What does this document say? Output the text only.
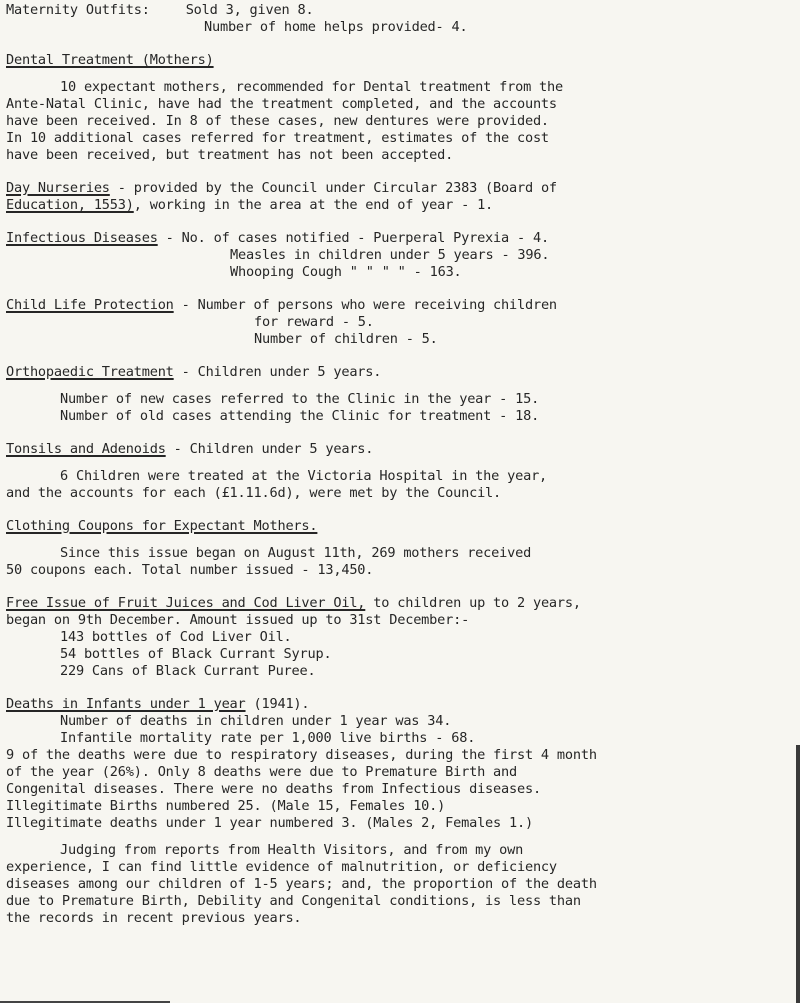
Maternity Outfits:	Sold 3, given 8.
Number of home helps provided- 4.
Dental Treatment (Mothers)
10 expectant mothers, recommended for Dental treatment from the
Ante-Natal Clinic, have had the treatment completed, and the accounts
have been received. In 8 of these cases, new dentures were provided.
In 10 additional cases referred for treatment, estimates of the cost
have been received, but treatment has not been accepted.
Day Nurseries - provided by the Council under Circular 2383 (Board of
Education, 1553), working in the area at the end of year - 1.
Infectious Diseases - No. of cases notified - Puerperal Pyrexia - 4.
Measles in children under 5 years - 396.
Whooping Cough " " " " - 163.
Child Life Protection - Number of persons who were receiving children
for reward - 5.
Number of children - 5.
Orthopaedic Treatment - Children under 5 years.
Number of new cases referred to the Clinic in the year - 15.
Number of old cases attending the Clinic for treatment - 18.
Tonsils and Adenoids - Children under 5 years.
6 Children were treated at the Victoria Hospital in the year,
and the accounts for each (£1.11.6d), were met by the Council.
Clothing Coupons for Expectant Mothers.
Since this issue began on August 11th, 269 mothers received
50 coupons each. Total number issued - 13,450.
Free Issue of Fruit Juices and Cod Liver Oil, to children up to 2 years,
began on 9th December. Amount issued up to 31st December:-
143 bottles of Cod Liver Oil.
54 bottles of Black Currant Syrup.
229 Cans of Black Currant Puree.
Deaths in Infants under 1 year (1941).
Number of deaths in children under 1 year was 34.
Infantile mortality rate per 1,000 live births - 68.
9 of the deaths were due to respiratory diseases, during the first 4 month
of the year (26%). Only 8 deaths were due to Premature Birth and
Congenital diseases. There were no deaths from Infectious diseases.
Illegitimate Births numbered 25. (Male 15, Females 10.)
Illegitimate deaths under 1 year numbered 3. (Males 2, Females 1.)
Judging from reports from Health Visitors, and from my own
experience, I can find little evidence of malnutrition, or deficiency
diseases among our children of 1-5 years; and, the proportion of the death
due to Premature Birth, Debility and Congenital conditions, is less than
the records in recent previous years.
